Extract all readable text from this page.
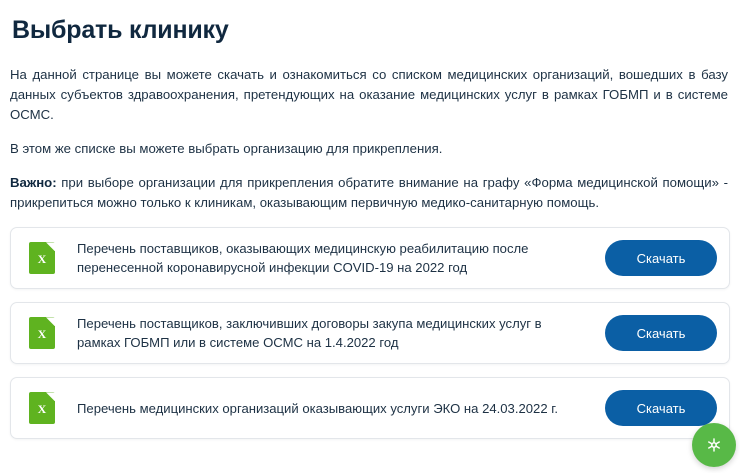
Выбрать клинику

На данной странице вы можете скачать и ознакомиться со списком медицинских организаций, вошедших в базу данных субъектов здравоохранения, претендующих на оказание медицинских услуг в рамках ГОБМП и в системе ОСМС.

В этом же списке вы можете выбрать организацию для прикрепления.

Важно: при выборе организации для прикрепления обратите внимание на графу «Форма медицинской помощи» - прикрепиться можно только к клиникам, оказывающим первичную медико-санитарную помощь.

X
Перечень поставщиков, оказывающих медицинскую реабилитацию после перенесенной коронавирусной инфекции COVID-19 на 2022 год
Скачать
X
Перечень поставщиков, заключивших договоры закупа медицинских услуг в рамках ГОБМП или в системе ОСМС на 1.4.2022 год
Скачать
X	Перечень медицинских организаций оказывающих услуги ЭКО на 24.03.2022 г.	Скачать
